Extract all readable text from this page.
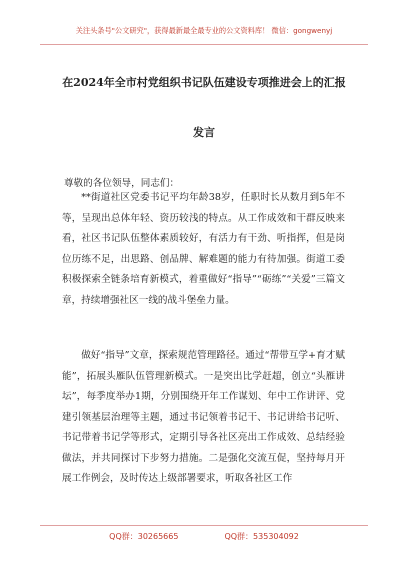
关注头条号"公文研究"，获得最新最全最专业的公文资料库！ 微信：gongwenyj
在2024年全市村党组织书记队伍建设专项推进会上的汇报
发言
尊敬的各位领导，同志们：
**街道社区党委书记平均年龄38岁，任职时长从数月到5年不等，呈现出总体年轻、资历较浅的特点。从工作成效和干群反映来看，社区书记队伍整体素质较好，有活力有干劲、听指挥，但是岗位历练不足，出思路、创品牌、解难题的能力有待加强。街道工委积极探索全链条培育新模式，着重做好“指导”“砺练”“关爱”三篇文章，持续增强社区一线的战斗堡垒力量。
做好“指导”文章，探索规范管理路径。通过“帮带互学+育才赋能”，拓展头雁队伍管理新模式。一是突出比学赶超，创立“头雁讲坛”，每季度举办1期，分别围绕开年工作谋划、年中工作讲评、党建引领基层治理等主题，通过书记领着书记干、书记讲给书记听、书记带着书记学等形式，定期引导各社区亮出工作成效、总结经验做法，并共同探讨下步努力措施。二是强化交流互促，坚持每月开展工作例会，及时传达上级部署要求，听取各社区工作
QQ群：30265665	QQ群：535304092
